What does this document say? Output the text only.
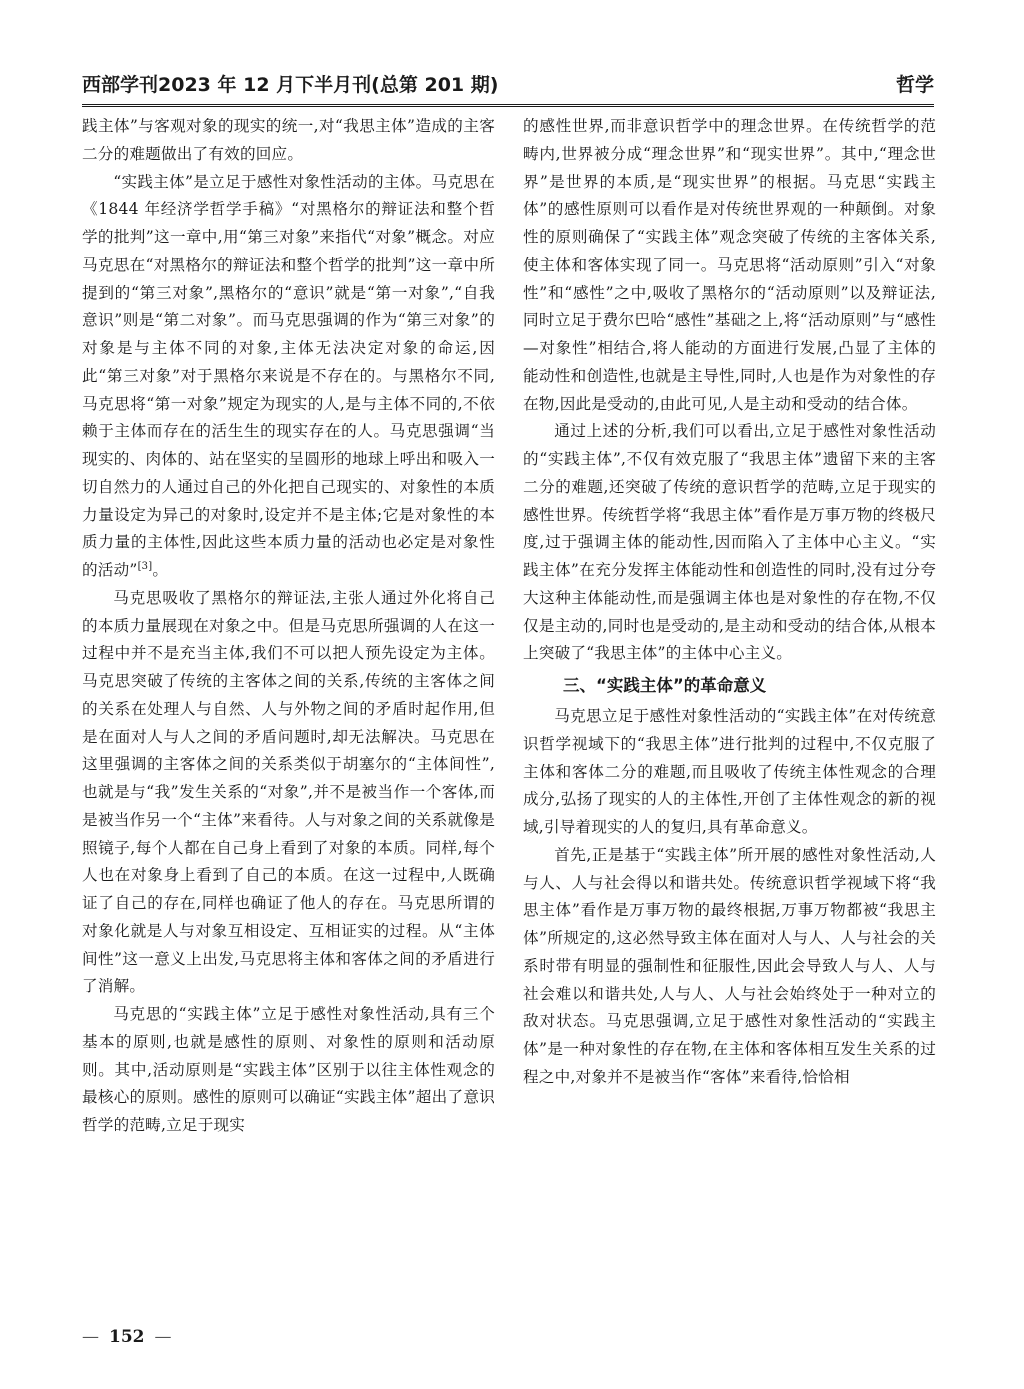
西部学刊2023 年 12 月下半月刊(总第 201 期)	哲学

践主体”与客观对象的现实的统一,对“我思主体”造成的主客二分的难题做出了有效的回应。

“实践主体”是立足于感性对象性活动的主体。马克思在《1844 年经济学哲学手稿》“对黑格尔的辩证法和整个哲学的批判”这一章中,用“第三对象”来指代“对象”概念。对应马克思在“对黑格尔的辩证法和整个哲学的批判”这一章中所提到的“第三对象”,黑格尔的“意识”就是“第一对象”,“自我意识”则是“第二对象”。而马克思强调的作为“第三对象”的对象是与主体不同的对象,主体无法决定对象的命运,因此“第三对象”对于黑格尔来说是不存在的。与黑格尔不同,马克思将“第一对象”规定为现实的人,是与主体不同的,不依赖于主体而存在的活生生的现实存在的人。马克思强调“当现实的、肉体的、站在坚实的呈圆形的地球上呼出和吸入一切自然力的人通过自己的外化把自己现实的、对象性的本质力量设定为异己的对象时,设定并不是主体;它是对象性的本质力量的主体性,因此这些本质力量的活动也必定是对象性的活动”[3]。

马克思吸收了黑格尔的辩证法,主张人通过外化将自己的本质力量展现在对象之中。但是马克思所强调的人在这一过程中并不是充当主体,我们不可以把人预先设定为主体。马克思突破了传统的主客体之间的关系,传统的主客体之间的关系在处理人与自然、人与外物之间的矛盾时起作用,但是在面对人与人之间的矛盾问题时,却无法解决。马克思在这里强调的主客体之间的关系类似于胡塞尔的“主体间性”,也就是与“我”发生关系的“对象”,并不是被当作一个客体,而是被当作另一个“主体”来看待。人与对象之间的关系就像是照镜子,每个人都在自己身上看到了对象的本质。同样,每个人也在对象身上看到了自己的本质。在这一过程中,人既确证了自己的存在,同样也确证了他人的存在。马克思所谓的对象化就是人与对象互相设定、互相证实的过程。从“主体间性”这一意义上出发,马克思将主体和客体之间的矛盾进行了消解。

马克思的“实践主体”立足于感性对象性活动,具有三个基本的原则,也就是感性的原则、对象性的原则和活动原则。其中,活动原则是“实践主体”区别于以往主体性观念的最核心的原则。感性的原则可以确证“实践主体”超出了意识哲学的范畴,立足于现实

的感性世界,而非意识哲学中的理念世界。在传统哲学的范畴内,世界被分成“理念世界”和“现实世界”。其中,“理念世界”是世界的本质,是“现实世界”的根据。马克思“实践主体”的感性原则可以看作是对传统世界观的一种颠倒。对象性的原则确保了“实践主体”观念突破了传统的主客体关系,使主体和客体实现了同一。马克思将“活动原则”引入“对象性”和“感性”之中,吸收了黑格尔的“活动原则”以及辩证法,同时立足于费尔巴哈“感性”基础之上,将“活动原则”与“感性—对象性”相结合,将人能动的方面进行发展,凸显了主体的能动性和创造性,也就是主导性,同时,人也是作为对象性的存在物,因此是受动的,由此可见,人是主动和受动的结合体。

通过上述的分析,我们可以看出,立足于感性对象性活动的“实践主体”,不仅有效克服了“我思主体”遗留下来的主客二分的难题,还突破了传统的意识哲学的范畴,立足于现实的感性世界。传统哲学将“我思主体”看作是万事万物的终极尺度,过于强调主体的能动性,因而陷入了主体中心主义。“实践主体”在充分发挥主体能动性和创造性的同时,没有过分夸大这种主体能动性,而是强调主体也是对象性的存在物,不仅仅是主动的,同时也是受动的,是主动和受动的结合体,从根本上突破了“我思主体”的主体中心主义。

三、“实践主体”的革命意义

马克思立足于感性对象性活动的“实践主体”在对传统意识哲学视域下的“我思主体”进行批判的过程中,不仅克服了主体和客体二分的难题,而且吸收了传统主体性观念的合理成分,弘扬了现实的人的主体性,开创了主体性观念的新的视域,引导着现实的人的复归,具有革命意义。

首先,正是基于“实践主体”所开展的感性对象性活动,人与人、人与社会得以和谐共处。传统意识哲学视域下将“我思主体”看作是万事万物的最终根据,万事万物都被“我思主体”所规定的,这必然导致主体在面对人与人、人与社会的关系时带有明显的强制性和征服性,因此会导致人与人、人与社会难以和谐共处,人与人、人与社会始终处于一种对立的敌对状态。马克思强调,立足于感性对象性活动的“实践主体”是一种对象性的存在物,在主体和客体相互发生关系的过程之中,对象并不是被当作“客体”来看待,恰恰相

— 152 —
